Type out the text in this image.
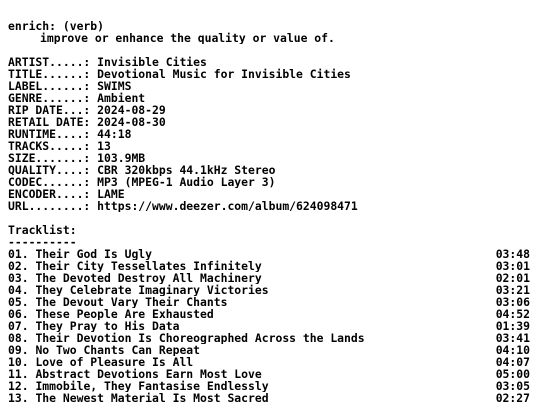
enrich: (verb)
improve or enhance the quality or value of.
ARTIST.....: Invisible Cities
TITLE......: Devotional Music for Invisible Cities
LABEL......: SWIMS
GENRE......: Ambient
RIP DATE...: 2024-08-29
RETAIL DATE: 2024-08-30
RUNTIME....: 44:18
TRACKS.....: 13
SIZE.......: 103.9MB
QUALITY....: CBR 320kbps 44.1kHz Stereo
CODEC......: MP3 (MPEG-1 Audio Layer 3)
ENCODER....: LAME
URL........: https://www.deezer.com/album/624098471
Tracklist:
----------
01. Their God Is Ugly	03:48
02. Their City Tessellates Infinitely	03:01
03. The Devoted Destroy All Machinery	02:01
04. They Celebrate Imaginary Victories	03:21
05. The Devout Vary Their Chants	03:06
06. These People Are Exhausted	04:52
07. They Pray to His Data	01:39
08. Their Devotion Is Choreographed Across the Lands	03:41
09. No Two Chants Can Repeat	04:10
10. Love of Pleasure Is All	04:07
11. Abstract Devotions Earn Most Love	05:00
12. Immobile, They Fantasise Endlessly	03:05
13. The Newest Material Is Most Sacred	02:27
